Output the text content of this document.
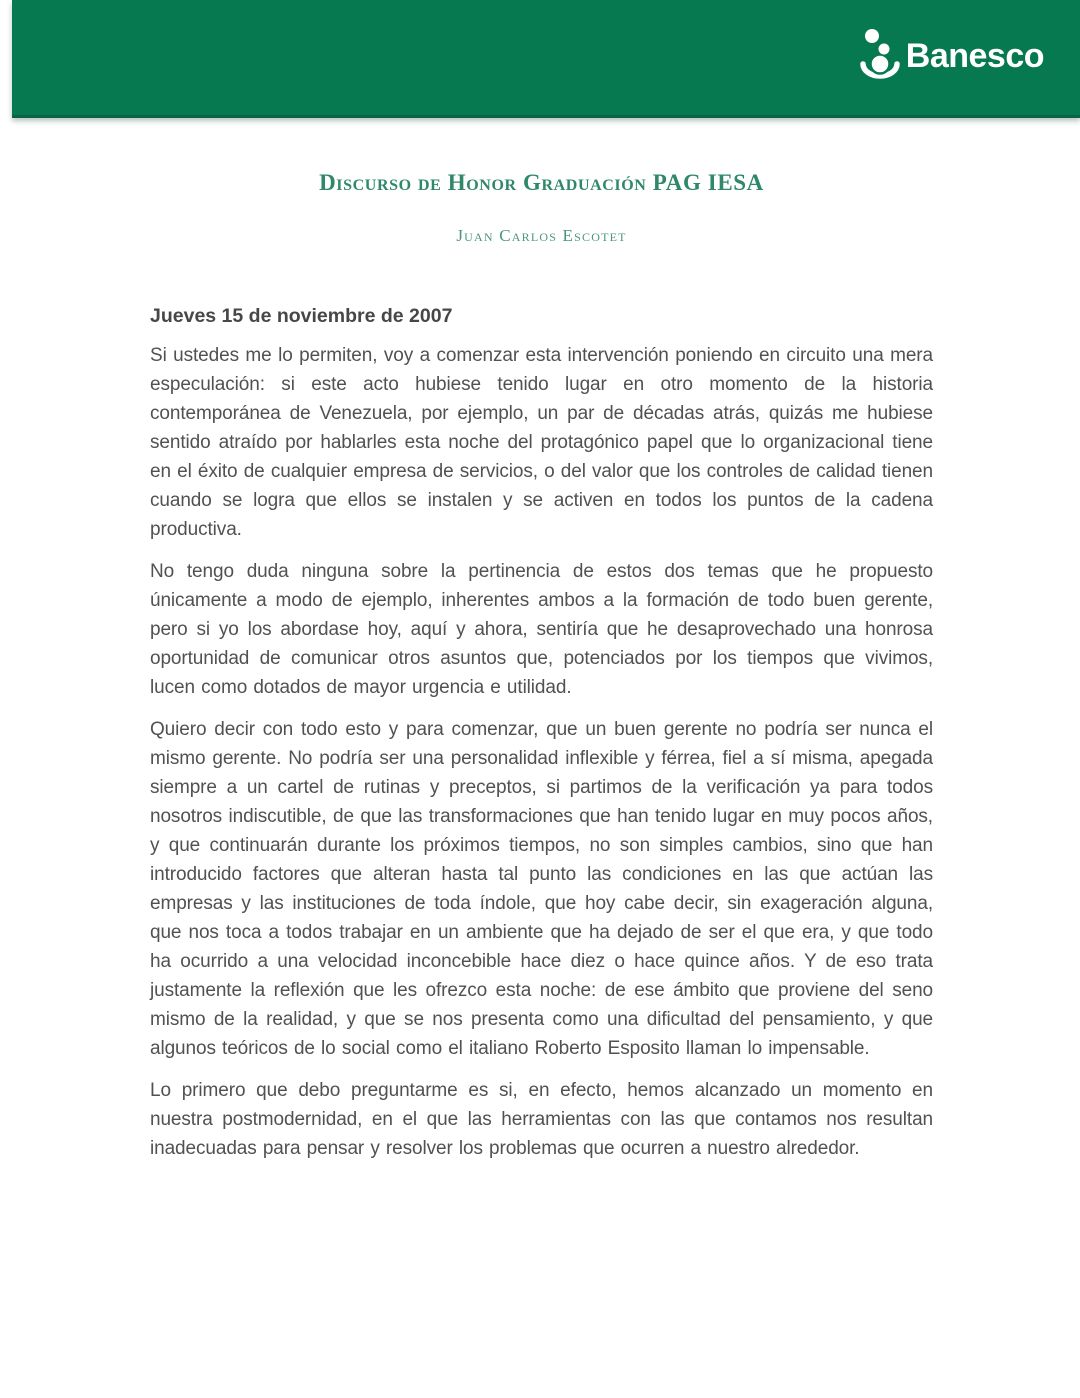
Banesco
Discurso de Honor Graduación PAG IESA
Juan Carlos Escotet
Jueves 15 de noviembre de 2007

Si ustedes me lo permiten, voy a comenzar esta intervención poniendo en circuito una mera especulación: si este acto hubiese tenido lugar en otro momento de la historia contemporánea de Venezuela, por ejemplo, un par de décadas atrás, quizás me hubiese sentido atraído por hablarles esta noche del protagónico papel que lo organizacional tiene en el éxito de cualquier empresa de servicios, o del valor que los controles de calidad tienen cuando se logra que ellos se instalen y se activen en todos los puntos de la cadena productiva.

No tengo duda ninguna sobre la pertinencia de estos dos temas que he propuesto únicamente a modo de ejemplo, inherentes ambos a la formación de todo buen gerente, pero si yo los abordase hoy, aquí y ahora, sentiría que he desaprovechado una honrosa oportunidad de comunicar otros asuntos que, potenciados por los tiempos que vivimos, lucen como dotados de mayor urgencia e utilidad.

Quiero decir con todo esto y para comenzar, que un buen gerente no podría ser nunca el mismo gerente. No podría ser una personalidad inflexible y férrea, fiel a sí misma, apegada siempre a un cartel de rutinas y preceptos, si partimos de la verificación ya para todos nosotros indiscutible, de que las transformaciones que han tenido lugar en muy pocos años, y que continuarán durante los próximos tiempos, no son simples cambios, sino que han introducido factores que alteran hasta tal punto las condiciones en las que actúan las empresas y las instituciones de toda índole, que hoy cabe decir, sin exageración alguna, que nos toca a todos trabajar en un ambiente que ha dejado de ser el que era, y que todo ha ocurrido a una velocidad inconcebible hace diez o hace quince años. Y de eso trata justamente la reflexión que les ofrezco esta noche: de ese ámbito que proviene del seno mismo de la realidad, y que se nos presenta como una dificultad del pensamiento, y que algunos teóricos de lo social como el italiano Roberto Esposito llaman lo impensable.

Lo primero que debo preguntarme es si, en efecto, hemos alcanzado un momento en nuestra postmodernidad, en el que las herramientas con las que contamos nos resultan inadecuadas para pensar y resolver los problemas que ocurren a nuestro alrededor.
